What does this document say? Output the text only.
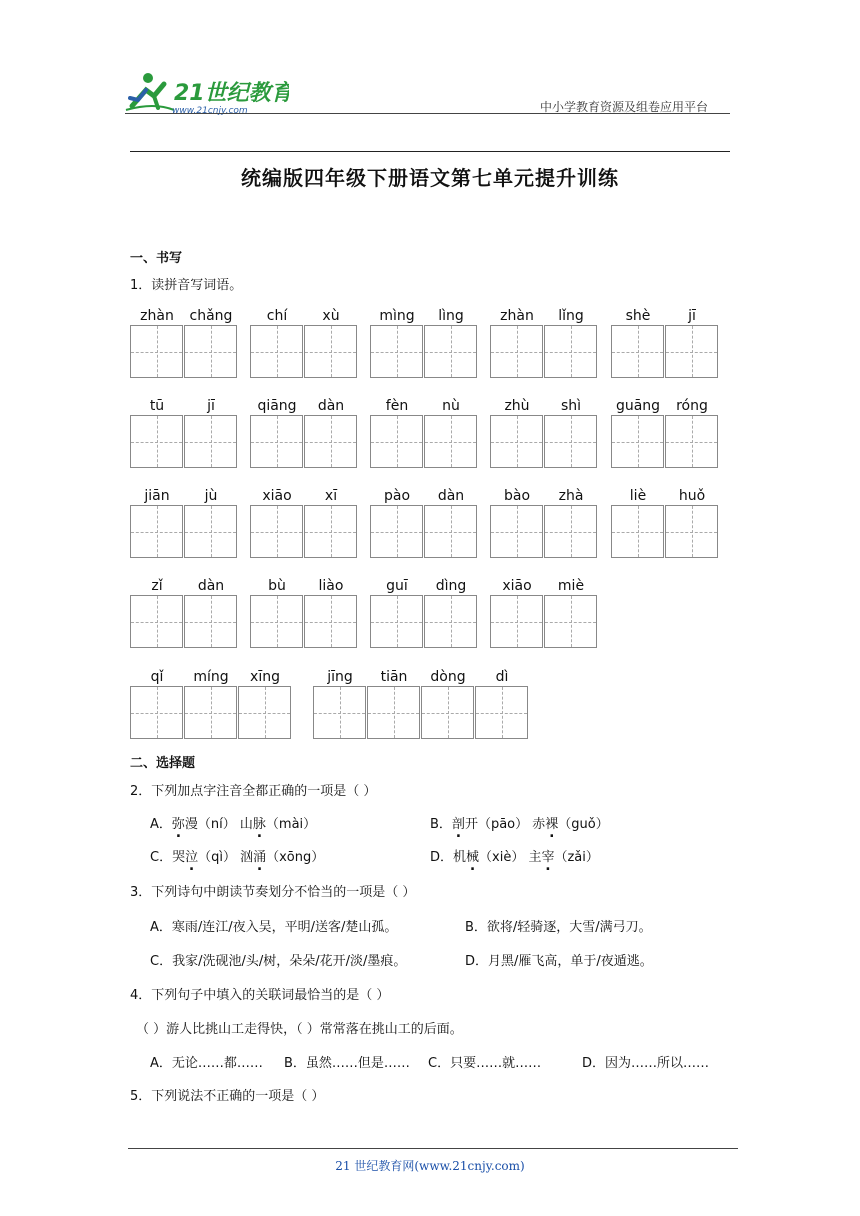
21世纪教育
www.21cnjy.com	中小学教育资源及组卷应用平台
统编版四年级下册语文第七单元提升训练
一、书写
1．读拼音写词语。
zhàn	chǎng	chí	xù	mìng	lìng	zhàn	lǐng	shè	jī
tū	jī	qiāng	dàn	fèn	nù	zhù	shì	guāng	róng
jiān	jù	xiāo	xī	pào	dàn	bào	zhà	liè	huǒ
zǐ	dàn	bù	liào	guī	dìng	xiāo	miè
qǐ	míng	xīng	jīng	tiān	dòng	dì
二、选择题
2．下列加点字注音全都正确的一项是（ ）
A．弥漫（ní） 山脉（mài）	B．剖开（pāo） 赤裸（guǒ）
C．哭泣（qì） 汹涌（xōng）	D．机械（xiè） 主宰（zǎi）
3．下列诗句中朗读节奏划分不恰当的一项是（ ）
A．寒雨/连江/夜入吴，平明/送客/楚山孤。	B．欲将/轻骑逐，大雪/满弓刀。
C．我家/洗砚池/头/树，朵朵/花开/淡/墨痕。	D．月黑/雁飞高，单于/夜遁逃。
4．下列句子中填入的关联词最恰当的是（ ）
（ ）游人比挑山工走得快，（ ）常常落在挑山工的后面。
A．无论……都…… B．虽然……但是…… C．只要……就……	D．因为……所以……
5．下列说法不正确的一项是（ ）
21 世纪教育网(www.21cnjy.com)
